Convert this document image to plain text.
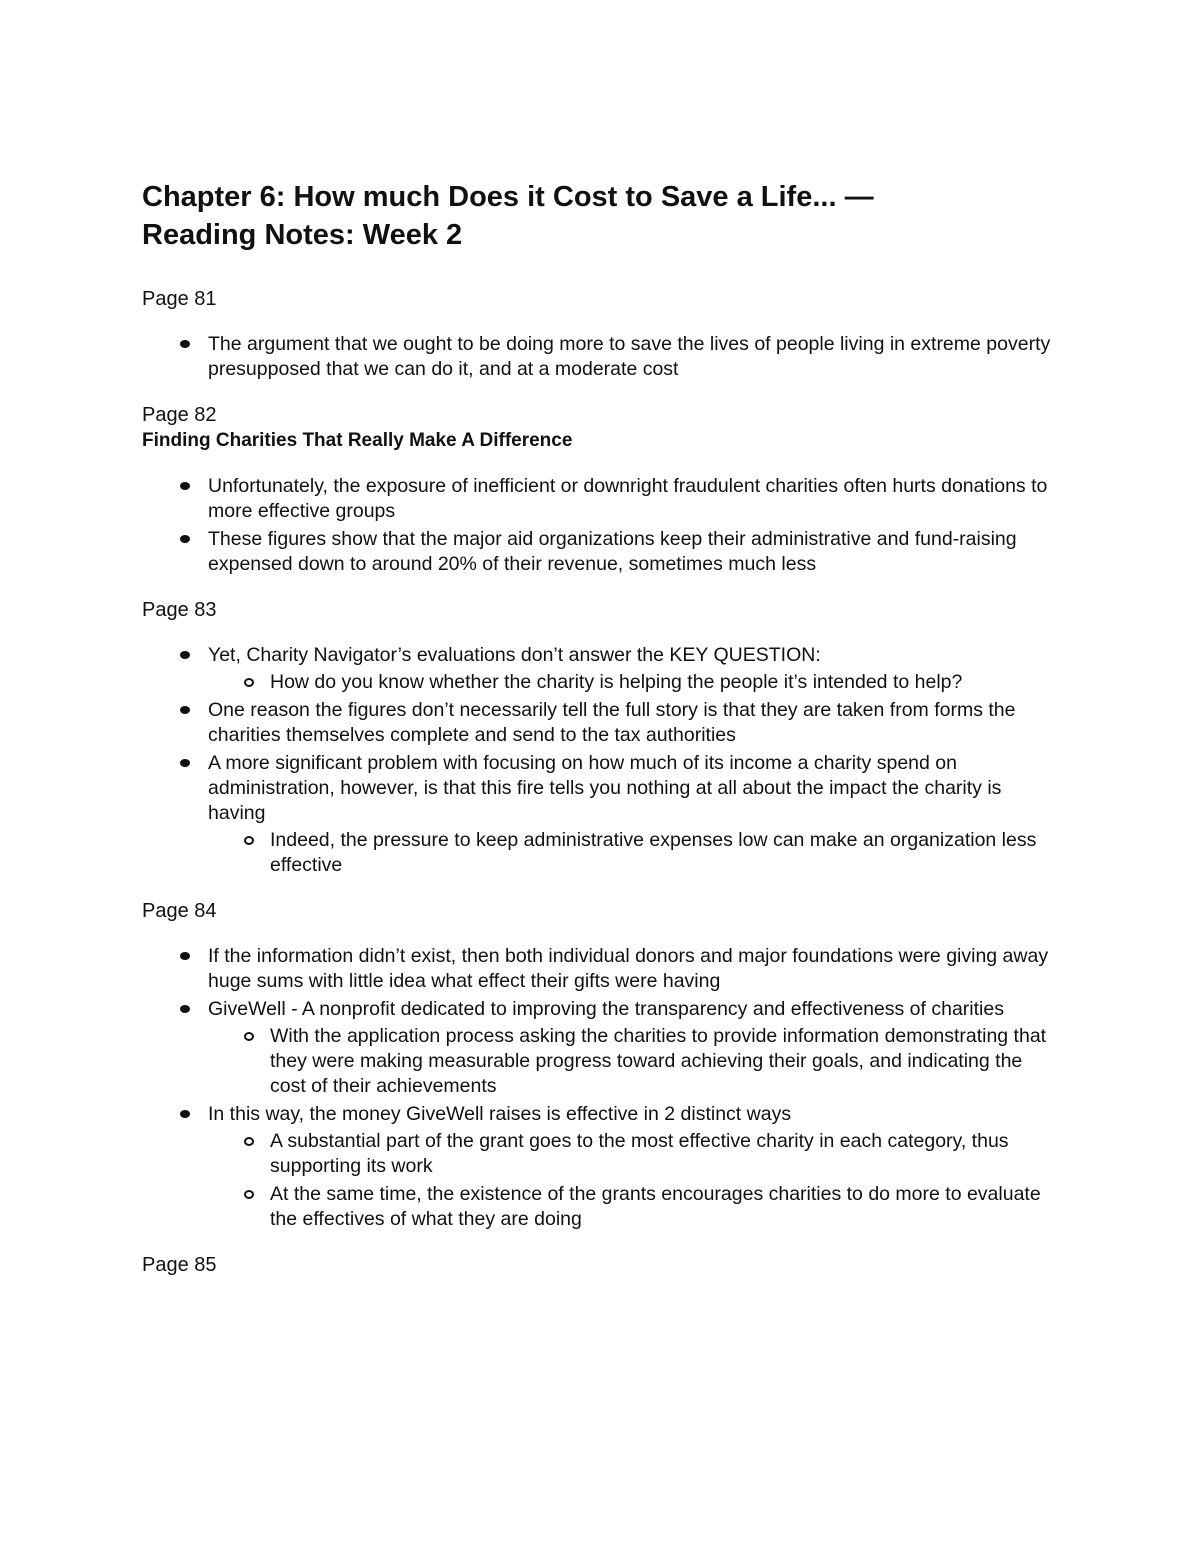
Chapter 6: How much Does it Cost to Save a Life... —
Reading Notes: Week 2

Page 81

The argument that we ought to be doing more to save the lives of people living in extreme poverty presupposed that we can do it, and at a moderate cost

Page 82

Finding Charities That Really Make A Difference

Unfortunately, the exposure of inefficient or downright fraudulent charities often hurts donations to more effective groups
These figures show that the major aid organizations keep their administrative and fund-raising expensed down to around 20% of their revenue, sometimes much less

Page 83

Yet, Charity Navigator’s evaluations don’t answer the KEY QUESTION:
How do you know whether the charity is helping the people it’s intended to help?
One reason the figures don’t necessarily tell the full story is that they are taken from forms the charities themselves complete and send to the tax authorities
A more significant problem with focusing on how much of its income a charity spend on administration, however, is that this fire tells you nothing at all about the impact the charity is having
Indeed, the pressure to keep administrative expenses low can make an organization less effective

Page 84

If the information didn’t exist, then both individual donors and major foundations were giving away huge sums with little idea what effect their gifts were having
GiveWell - A nonprofit dedicated to improving the transparency and effectiveness of charities
With the application process asking the charities to provide information demonstrating that they were making measurable progress toward achieving their goals, and indicating the cost of their achievements
In this way, the money GiveWell raises is effective in 2 distinct ways
A substantial part of the grant goes to the most effective charity in each category, thus supporting its work
At the same time, the existence of the grants encourages charities to do more to evaluate the effectives of what they are doing

Page 85
